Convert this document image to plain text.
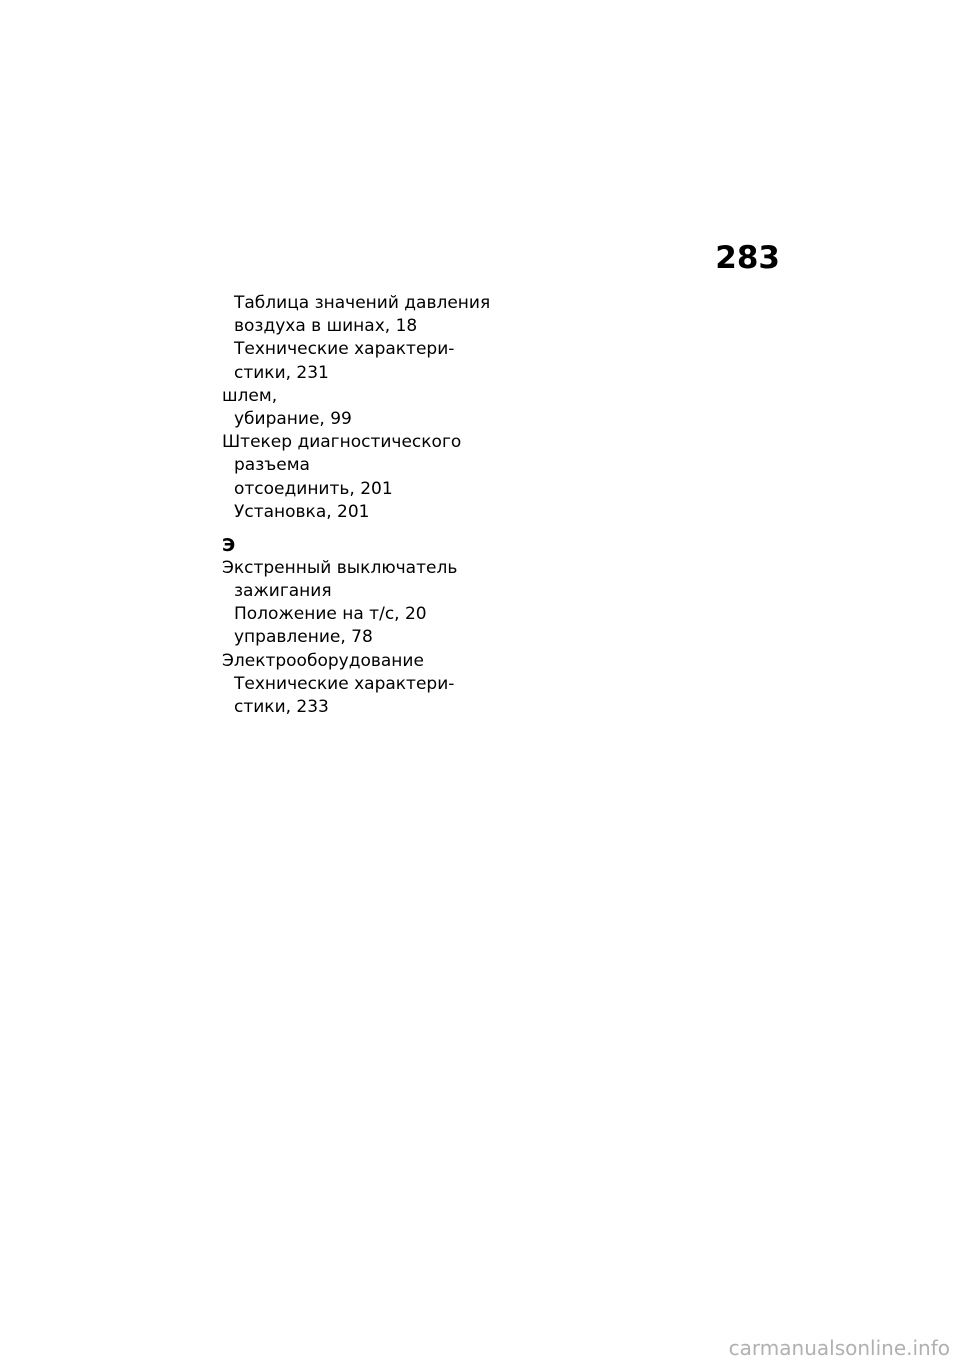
283
Таблица значений давления
воздуха в шинах, 18
Технические характери-
стики, 231
шлем,
убирание, 99
Штекер диагностического
разъема
отсоединить, 201
Установка, 201
Э
Экстренный выключатель
зажигания
Положение на т/с, 20
управление, 78
Электрооборудование
Технические характери-
стики, 233
carmanualsonline.info
